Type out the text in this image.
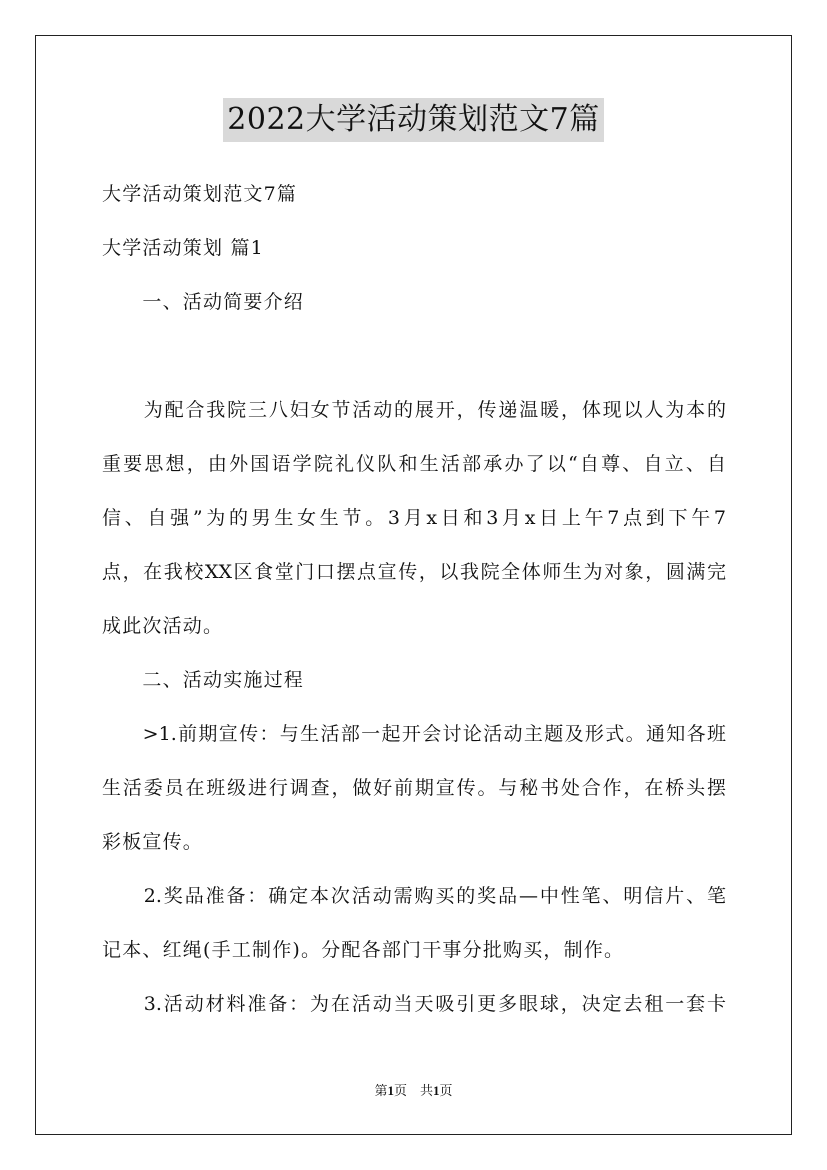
2022大学活动策划范文7篇
大学活动策划范文7篇
大学活动策划 篇1
　　一、活动简要介绍
　　为配合我院三八妇女节活动的展开，传递温暖，体现以人为本的
重要思想，由外国语学院礼仪队和生活部承办了以“自尊、自立、自
信、自强”为的男生女生节。3月x日和3月x日上午7点到下午7
点，在我校XX区食堂门口摆点宣传，以我院全体师生为对象，圆满完
成此次活动。
　　二、活动实施过程
　　>1.前期宣传：与生活部一起开会讨论活动主题及形式。通知各班
生活委员在班级进行调查，做好前期宣传。与秘书处合作，在桥头摆
彩板宣传。
　　2.奖品准备：确定本次活动需购买的奖品—中性笔、明信片、笔
记本、红绳(手工制作)。分配各部门干事分批购买，制作。
　　3.活动材料准备：为在活动当天吸引更多眼球，决定去租一套卡
第1页　共1页
